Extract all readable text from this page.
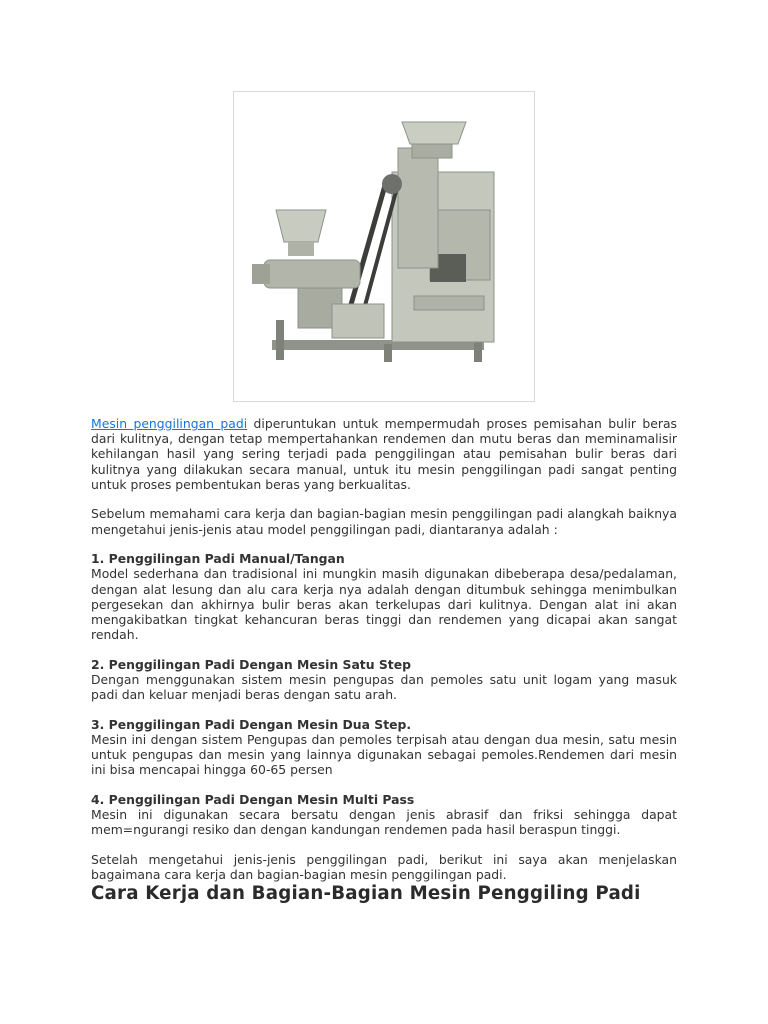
Mesin penggilingan padi diperuntukan untuk mempermudah proses pemisahan bulir beras dari kulitnya, dengan tetap mempertahankan rendemen dan mutu beras dan meminamalisir kehilangan hasil yang sering terjadi pada penggilingan atau pemisahan bulir beras dari kulitnya yang dilakukan secara manual, untuk itu mesin penggilingan padi sangat penting untuk proses pembentukan beras yang berkualitas.

Sebelum memahami cara kerja dan bagian-bagian mesin penggilingan padi alangkah baiknya mengetahui jenis-jenis atau model penggilingan padi, diantaranya adalah :

1. Penggilingan Padi Manual/Tangan
Model sederhana dan tradisional ini mungkin masih digunakan dibeberapa desa/pedalaman, dengan alat lesung dan alu cara kerja nya adalah dengan ditumbuk sehingga menimbulkan pergesekan dan akhirnya bulir beras akan terkelupas dari kulitnya. Dengan alat ini akan mengakibatkan tingkat kehancuran beras tinggi dan rendemen yang dicapai akan sangat rendah.

2. Penggilingan Padi Dengan Mesin Satu Step
Dengan menggunakan sistem mesin pengupas dan pemoles satu unit logam yang masuk padi dan keluar menjadi beras dengan satu arah.

3. Penggilingan Padi Dengan Mesin Dua Step.
Mesin ini dengan sistem Pengupas dan pemoles terpisah atau dengan dua mesin, satu mesin untuk pengupas dan mesin yang lainnya digunakan sebagai pemoles.Rendemen dari mesin ini bisa mencapai hingga 60-65 persen

4. Penggilingan Padi Dengan Mesin Multi Pass
Mesin ini digunakan secara bersatu dengan jenis abrasif dan friksi sehingga dapat mem=ngurangi resiko dan dengan kandungan rendemen pada hasil beraspun tinggi.

Setelah mengetahui jenis-jenis penggilingan padi, berikut ini saya akan menjelaskan bagaimana cara kerja dan bagian-bagian mesin penggilingan padi.

Cara Kerja dan Bagian-Bagian Mesin Penggiling Padi
